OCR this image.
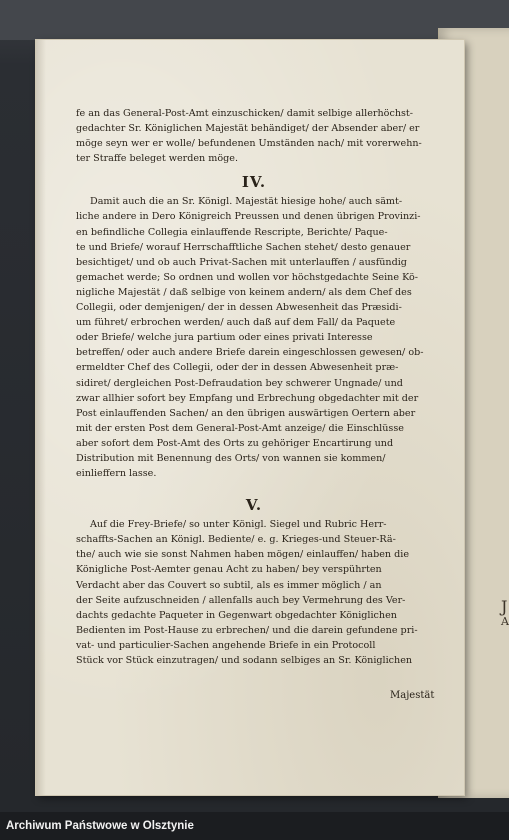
J
A
fe an das General-Post-Amt einzuschicken/ damit selbige allerhöchst-
gedachter Sr. Königlichen Majestät behändiget/ der Absender aber/ er
möge seyn wer er wolle/ befundenen Umständen nach/ mit vorerwehn-
ter Straffe beleget werden möge.
IV.
Damit auch die an Sr. Königl. Majestät hiesige hohe/ auch sämt-
liche andere in Dero Königreich Preussen und denen übrigen Provinzi-
en befindliche Collegia einlauffende Rescripte, Berichte/ Paque-
te und Briefe/ worauf Herrschafftliche Sachen stehet/ desto genauer
besichtiget/ und ob auch Privat-Sachen mit unterlauffen / ausfündig
gemachet werde; So ordnen und wollen vor höchstgedachte Seine Kö-
nigliche Majestät / daß selbige von keinem andern/ als dem Chef des
Collegii, oder demjenigen/ der in dessen Abwesenheit das Præsidi-
um führet/ erbrochen werden/ auch daß auf dem Fall/ da Paquete
oder Briefe/ welche jura partium oder eines privati Interesse
betreffen/ oder auch andere Briefe darein eingeschlossen gewesen/ ob-
ermeldter Chef des Collegii, oder der in dessen Abwesenheit præ-
sidiret/ dergleichen Post-Defraudation bey schwerer Ungnade/ und
zwar allhier sofort bey Empfang und Erbrechung obgedachter mit der
Post einlauffenden Sachen/ an den übrigen auswärtigen Oertern aber
mit der ersten Post dem General-Post-Amt anzeige/ die Einschlüsse
aber sofort dem Post-Amt des Orts zu gehöriger Encartirung und
Distribution mit Benennung des Orts/ von wannen sie kommen/
einlieffern lasse.
V.
Auf die Frey-Briefe/ so unter Königl. Siegel und Rubric Herr-
schaffts-Sachen an Königl. Bediente/ e. g. Krieges-und Steuer-Rä-
the/ auch wie sie sonst Nahmen haben mögen/ einlauffen/ haben die
Königliche Post-Aemter genau Acht zu haben/ bey verspührten
Verdacht aber das Couvert so subtil, als es immer möglich / an
der Seite aufzuschneiden / allenfalls auch bey Vermehrung des Ver-
dachts gedachte Paqueter in Gegenwart obgedachter Königlichen
Bedienten im Post-Hause zu erbrechen/ und die darein gefundene pri-
vat- und particulier-Sachen angehende Briefe in ein Protocoll
Stück vor Stück einzutragen/ und sodann selbiges an Sr. Königlichen
Majestät
Archiwum Państwowe w Olsztynie
